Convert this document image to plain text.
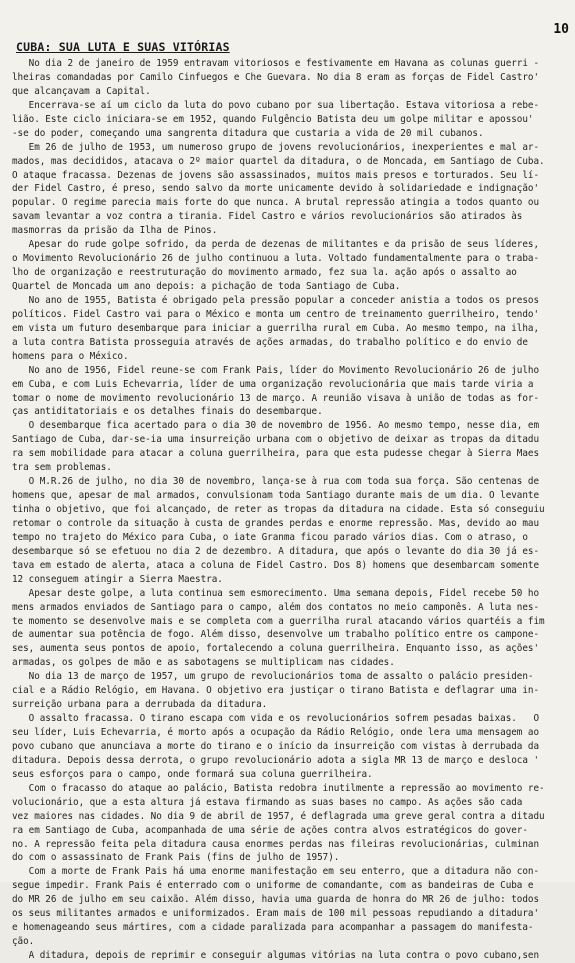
10
CUBA: SUA LUTA E SUAS VITÓRIAS
No dia 2 de janeiro de 1959 entravam vitoriosos e festivamente em Havana as colunas guerri -
lheiras comandadas por Camilo Cinfuegos e Che Guevara. No dia 8 eram as forças de Fidel Castro'
que alcançavam a Capital.
Encerrava-se aí um ciclo da luta do povo cubano por sua libertação. Estava vitoriosa a rebe-
lião. Este ciclo iniciara-se em 1952, quando Fulgêncio Batista deu um golpe militar e apossou'
-se do poder, começando uma sangrenta ditadura que custaria a vida de 20 mil cubanos.
Em 26 de julho de 1953, um numeroso grupo de jovens revolucionários, inexperientes e mal ar-
mados, mas decididos, atacava o 2º maior quartel da ditadura, o de Moncada, em Santiago de Cuba.
O ataque fracassa. Dezenas de jovens são assassinados, muitos mais presos e torturados. Seu lí-
der Fidel Castro, é preso, sendo salvo da morte unicamente devido à solidariedade e indignação'
popular. O regime parecia mais forte do que nunca. A brutal repressão atingia a todos quanto ou
savam levantar a voz contra a tirania. Fidel Castro e vários revolucionários são atirados às
masmorras da prisão da Ilha de Pinos.
Apesar do rude golpe sofrido, da perda de dezenas de militantes e da prisão de seus líderes,
o Movimento Revolucionário 26 de julho continuou a luta. Voltado fundamentalmente para o traba-
lho de organização e reestruturação do movimento armado, fez sua la. ação após o assalto ao
Quartel de Moncada um ano depois: a pichação de toda Santiago de Cuba.
No ano de 1955, Batista é obrigado pela pressão popular a conceder anistia a todos os presos
políticos. Fidel Castro vai para o México e monta um centro de treinamento guerrilheiro, tendo'
em vista um futuro desembarque para iniciar a guerrilha rural em Cuba. Ao mesmo tempo, na ilha,
a luta contra Batista prosseguia através de ações armadas, do trabalho político e do envio de
homens para o México.
No ano de 1956, Fidel reune-se com Frank Pais, líder do Movimento Revolucionário 26 de julho
em Cuba, e com Luis Echevarria, líder de uma organização revolucionária que mais tarde viria a
tomar o nome de movimento revolucionário 13 de março. A reunião visava à união de todas as for-
ças antiditatoriais e os detalhes finais do desembarque.
O desembarque fica acertado para o dia 30 de novembro de 1956. Ao mesmo tempo, nesse dia, em
Santiago de Cuba, dar-se-ia uma insurreição urbana com o objetivo de deixar as tropas da ditadu
ra sem mobilidade para atacar a coluna guerrilheira, para que esta pudesse chegar à Sierra Maes
tra sem problemas.
O M.R.26 de julho, no dia 30 de novembro, lança-se à rua com toda sua força. São centenas de
homens que, apesar de mal armados, convulsionam toda Santiago durante mais de um dia. O levante
tinha o objetivo, que foi alcançado, de reter as tropas da ditadura na cidade. Esta só conseguiu
retomar o controle da situação à custa de grandes perdas e enorme repressão. Mas, devido ao mau
tempo no trajeto do México para Cuba, o iate Granma ficou parado vários dias. Com o atraso, o
desembarque só se efetuou no dia 2 de dezembro. A ditadura, que após o levante do dia 30 já es-
tava em estado de alerta, ataca a coluna de Fidel Castro. Dos 8) homens que desembarcam somente
12 conseguem atingir a Sierra Maestra.
Apesar deste golpe, a luta continua sem esmorecimento. Uma semana depois, Fidel recebe 50 ho
mens armados enviados de Santiago para o campo, além dos contatos no meio camponês. A luta nes-
te momento se desenvolve mais e se completa com a guerrilha rural atacando vários quartéis a fim
de aumentar sua potência de fogo. Além disso, desenvolve um trabalho político entre os campone-
ses, aumenta seus pontos de apoio, fortalecendo a coluna guerrilheira. Enquanto isso, as ações'
armadas, os golpes de mão e as sabotagens se multiplicam nas cidades.
No dia 13 de março de 1957, um grupo de revolucionários toma de assalto o palácio presiden-
cial e a Rádio Relógio, em Havana. O objetivo era justiçar o tirano Batista e deflagrar uma in-
surreição urbana para a derrubada da ditadura.
O assalto fracassa. O tirano escapa com vida e os revolucionários sofrem pesadas baixas.   O
seu líder, Luis Echevarria, é morto após a ocupação da Rádio Relógio, onde lera uma mensagem ao
povo cubano que anunciava a morte do tirano e o início da insurreição com vistas à derrubada da
ditadura. Depois dessa derrota, o grupo revolucionário adota a sigla MR 13 de março e desloca '
seus esforços para o campo, onde formará sua coluna guerrilheira.
Com o fracasso do ataque ao palácio, Batista redobra inutilmente a repressão ao movimento re-
volucionário, que a esta altura já estava firmando as suas bases no campo. As ações são cada
vez maiores nas cidades. No dia 9 de abril de 1957, é deflagrada uma greve geral contra a ditadu
ra em Santiago de Cuba, acompanhada de uma série de ações contra alvos estratégicos do gover-
no. A repressão feita pela ditadura causa enormes perdas nas fileiras revolucionárias, culminan
do com o assassinato de Frank Pais (fins de julho de 1957).
Com a morte de Frank Pais há uma enorme manifestação em seu enterro, que a ditadura não con-
segue impedir. Frank Pais é enterrado com o uniforme de comandante, com as bandeiras de Cuba e
do MR 26 de julho em seu caixão. Além disso, havia uma guarda de honra do MR 26 de julho: todos
os seus militantes armados e uniformizados. Eram mais de 100 mil pessoas repudiando a ditadura'
e homenageando seus mártires, com a cidade paralizada para acompanhar a passagem do manifesta-
ção.
A ditadura, depois de reprimir e conseguir algumas vitórias na luta contra o povo cubano,sen
